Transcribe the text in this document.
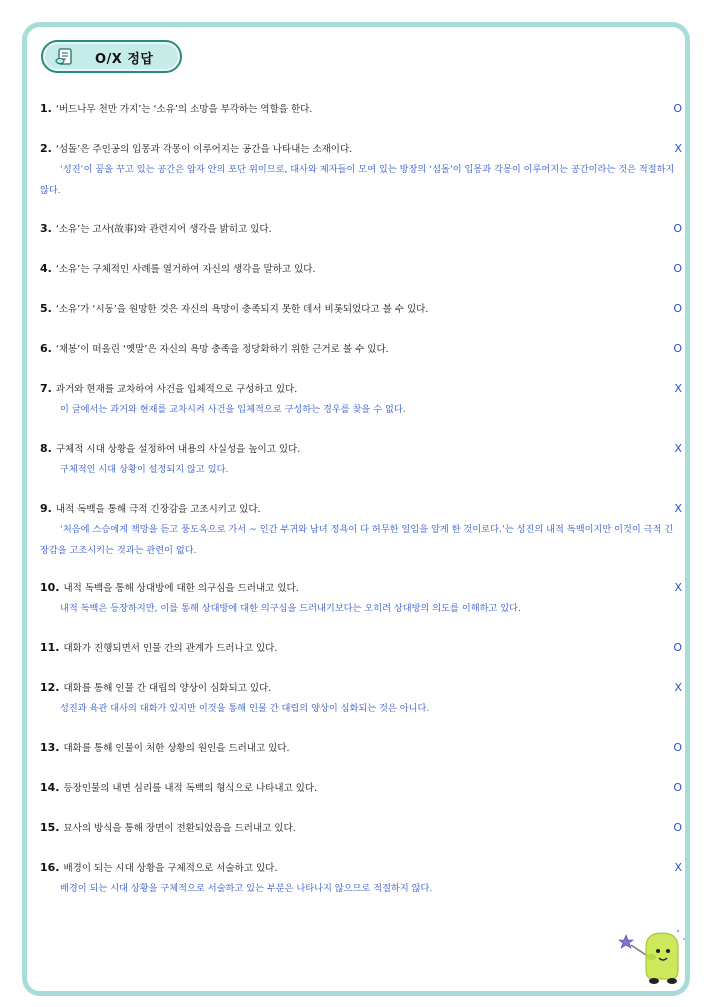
O/X 정답
1. ‘버드나무 천만 가지’는 ‘소유’의 소망을 부각하는 역할을 한다.	O
2. ‘섬돌’은 주인공의 입몽과 각몽이 이루어지는 공간을 나타내는 소재이다.	X
‘성진’이 꿈을 꾸고 있는 공간은 암자 안의 포단 위이므로, 대사와 제자들이 모여 있는 방장의 ‘섬돌’이 입몽과 각몽이 이루어지는 공간이라는 것은 적절하지 않다.
3. ‘소유’는 고사(故事)와 관련지어 생각을 밝히고 있다.	O
4. ‘소유’는 구체적인 사례를 열거하여 자신의 생각을 말하고 있다.	O
5. ‘소유’가 ‘시동’을 원망한 것은 자신의 욕망이 충족되지 못한 데서 비롯되었다고 볼 수 있다.	O
6. ‘채봉’이 떠올린 ‘옛말’은 자신의 욕망 충족을 정당화하기 위한 근거로 볼 수 있다.	O
7. 과거와 현재를 교차하여 사건을 입체적으로 구성하고 있다.	X
이 글에서는 과거와 현재를 교차시켜 사건을 입체적으로 구성하는 경우를 찾을 수 없다.
8. 구체적 시대 상황을 설정하여 내용의 사실성을 높이고 있다.	X
구체적인 시대 상황이 설정되지 않고 있다.
9. 내적 독백을 통해 극적 긴장감을 고조시키고 있다.	X
‘처음에 스승에게 책망을 듣고 풍도옥으로 가서 ~ 인간 부귀와 남녀 정욕이 다 허무한 일임을 알게 한 것이로다.’는 성진의 내적 독백이지만 이것이 극적 긴장감을 고조시키는 것과는 관련이 없다.
10. 내적 독백을 통해 상대방에 대한 의구심을 드러내고 있다.	X
내적 독백은 등장하지만, 이를 통해 상대방에 대한 의구심을 드러내기보다는 오히려 상대방의 의도를 이해하고 있다.
11. 대화가 진행되면서 인물 간의 관계가 드러나고 있다.	O
12. 대화를 통해 인물 간 대립의 양상이 심화되고 있다.	X
성진과 육관 대사의 대화가 있지만 이것을 통해 인물 간 대립의 양상이 심화되는 것은 아니다.
13. 대화를 통해 인물이 처한 상황의 원인을 드러내고 있다.	O
14. 등장인물의 내면 심리를 내적 독백의 형식으로 나타내고 있다.	O
15. 묘사의 방식을 통해 장면이 전환되었음을 드러내고 있다.	O
16. 배경이 되는 시대 상황을 구체적으로 서술하고 있다.	X
배경이 되는 시대 상황을 구체적으로 서술하고 있는 부분은 나타나지 않으므로 적절하지 않다.
